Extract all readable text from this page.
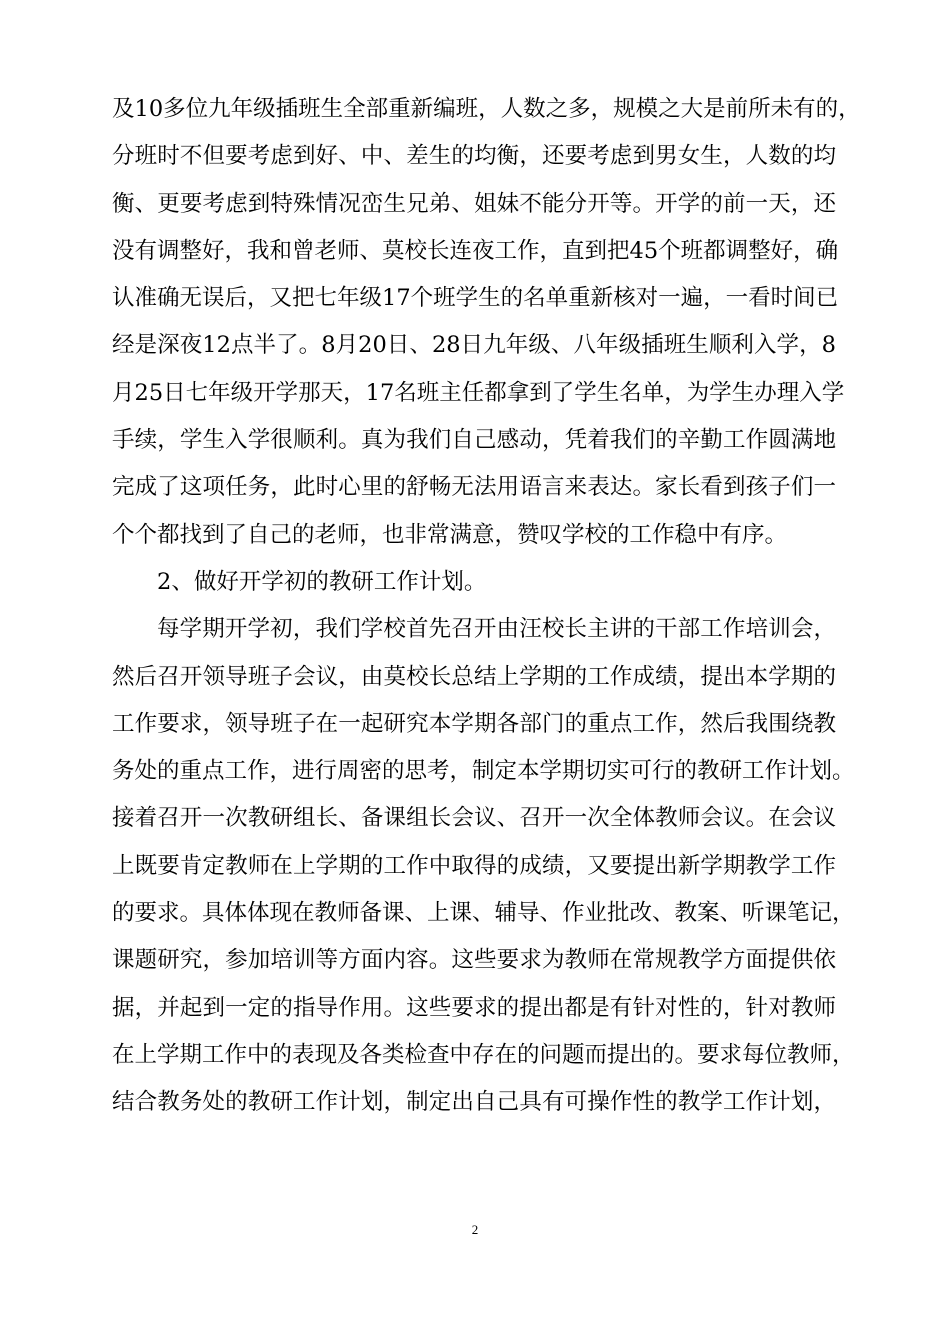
及10多位九年级插班生全部重新编班，人数之多，规模之大是前所未有的，
分班时不但要考虑到好、中、差生的均衡，还要考虑到男女生，人数的均
衡、更要考虑到特殊情况峦生兄弟、姐妹不能分开等。开学的前一天，还
没有调整好，我和曾老师、莫校长连夜工作，直到把45个班都调整好，确
认准确无误后，又把七年级17个班学生的名单重新核对一遍，一看时间已
经是深夜12点半了。8月20日、28日九年级、八年级插班生顺利入学，8
月25日七年级开学那天，17名班主任都拿到了学生名单，为学生办理入学
手续，学生入学很顺利。真为我们自己感动，凭着我们的辛勤工作圆满地
完成了这项任务，此时心里的舒畅无法用语言来表达。家长看到孩子们一
个个都找到了自己的老师，也非常满意，赞叹学校的工作稳中有序。
2、做好开学初的教研工作计划。
每学期开学初，我们学校首先召开由汪校长主讲的干部工作培训会，
然后召开领导班子会议，由莫校长总结上学期的工作成绩，提出本学期的
工作要求，领导班子在一起研究本学期各部门的重点工作，然后我围绕教
务处的重点工作，进行周密的思考，制定本学期切实可行的教研工作计划。
接着召开一次教研组长、备课组长会议、召开一次全体教师会议。在会议
上既要肯定教师在上学期的工作中取得的成绩，又要提出新学期教学工作
的要求。具体体现在教师备课、上课、辅导、作业批改、教案、听课笔记，
课题研究，参加培训等方面内容。这些要求为教师在常规教学方面提供依
据，并起到一定的指导作用。这些要求的提出都是有针对性的，针对教师
在上学期工作中的表现及各类检查中存在的问题而提出的。要求每位教师，
结合教务处的教研工作计划，制定出自己具有可操作性的教学工作计划，
2
